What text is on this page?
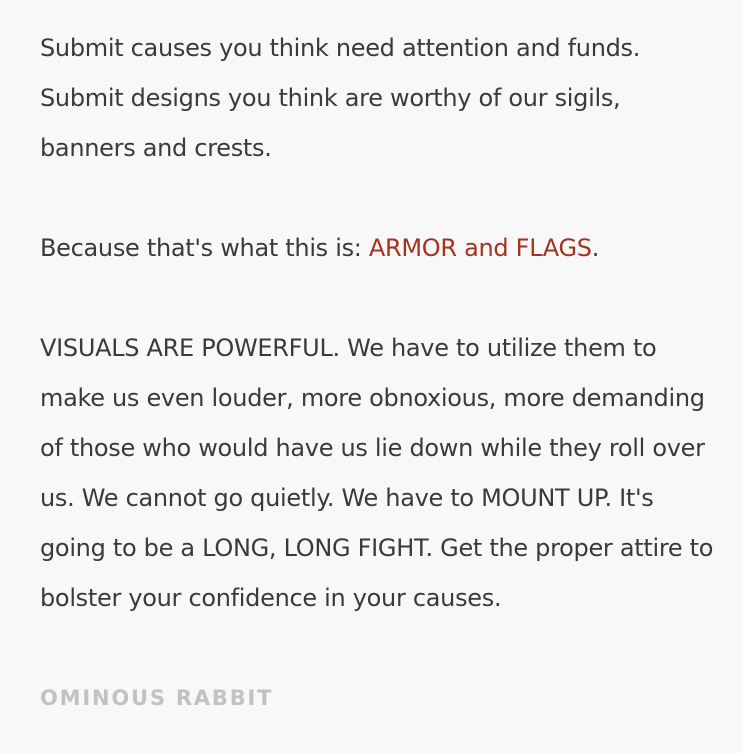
Submit causes you think need attention and funds. Submit designs you think are worthy of our sigils, banners and crests.

Because that's what this is: ARMOR and FLAGS.

VISUALS ARE POWERFUL. We have to utilize them to make us even louder, more obnoxious, more demanding of those who would have us lie down while they roll over us. We cannot go quietly. We have to MOUNT UP. It's going to be a LONG, LONG FIGHT. Get the proper attire to bolster your confidence in your causes.

OMINOUS RABBIT
